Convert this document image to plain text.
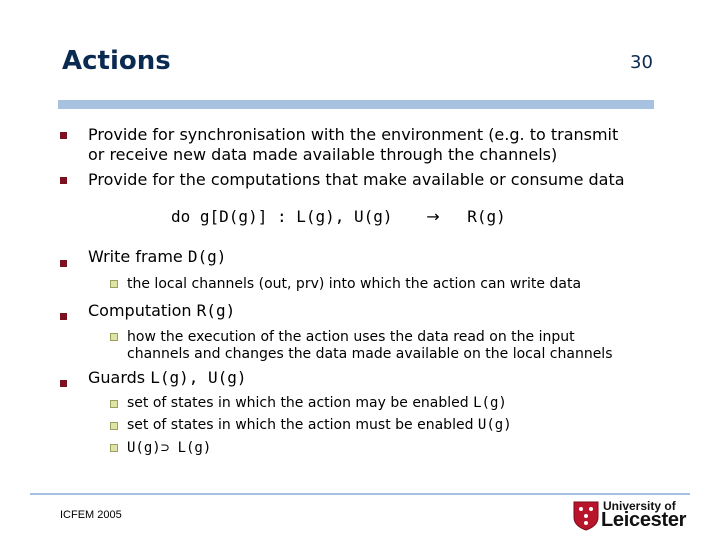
Actions	30
Provide for synchronisation with the environment (e.g. to transmit
or receive new data made available through the channels)
Provide for the computations that make available or consume data
do g[D(g)] : L(g), U(g) → R(g)
Write frame D(g)
the local channels (out, prv) into which the action can write data
Computation R(g)
how the execution of the action uses the data read on the input
channels and changes the data made available on the local channels
Guards L(g), U(g)
set of states in which the action may be enabled L(g)
set of states in which the action must be enabled U(g)
U(g)⊃ L(g)
ICFEM 2005
University of
Leicester
